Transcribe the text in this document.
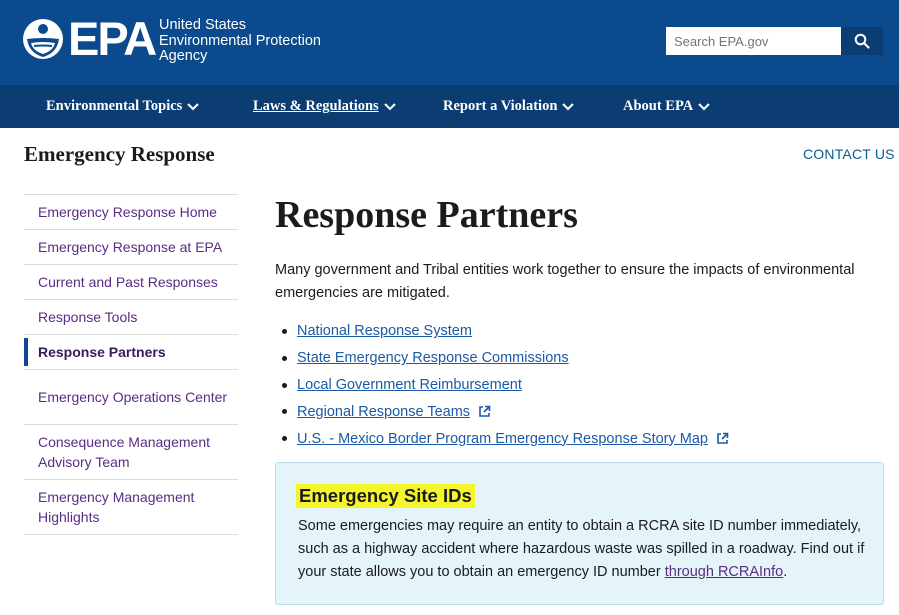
EPA United States
Environmental Protection
Agency
Search EPA.gov
Environmental Topics	Laws & Regulations	Report a Violation	About EPA
Emergency Response	CONTACT US
Emergency Response Home
Emergency Response at EPA
Current and Past Responses
Response Tools
Response Partners
Emergency Operations Center
Consequence Management Advisory Team
Emergency Management Highlights
Response Partners

Many government and Tribal entities work together to ensure the impacts of environmental emergencies are mitigated.

National Response System
State Emergency Response Commissions
Local Government Reimbursement
Regional Response Teams
U.S. - Mexico Border Program Emergency Response Story Map
Emergency Site IDs

Some emergencies may require an entity to obtain a RCRA site ID number immediately, such as a highway accident where hazardous waste was spilled in a roadway. Find out if your state allows you to obtain an emergency ID number through RCRAInfo.
